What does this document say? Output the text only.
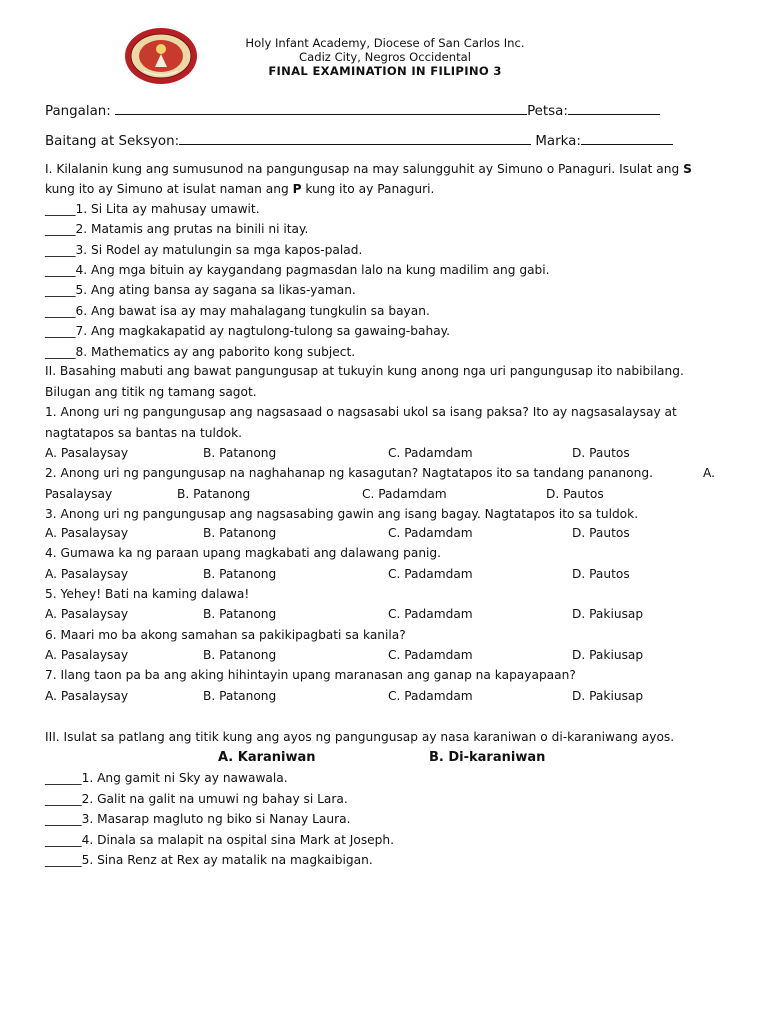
Holy Infant Academy, Diocese of San Carlos Inc.
Cadiz City, Negros Occidental
FINAL EXAMINATION IN FILIPINO 3
Pangalan:	Petsa:
Baitang at Seksyon:	Marka:
I. Kilalanin kung ang sumusunod na pangungusap na may salungguhit ay Simuno o Panaguri. Isulat ang S
kung ito ay Simuno at isulat naman ang P kung ito ay Panaguri.
_____1. Si Lita ay mahusay umawit.
_____2. Matamis ang prutas na binili ni itay.
_____3. Si Rodel ay matulungin sa mga kapos-palad.
_____4. Ang mga bituin ay kaygandang pagmasdan lalo na kung madilim ang gabi.
_____5. Ang ating bansa ay sagana sa likas-yaman.
_____6. Ang bawat isa ay may mahalagang tungkulin sa bayan.
_____7. Ang magkakapatid ay nagtulong-tulong sa gawaing-bahay.
_____8. Mathematics ay ang paborito kong subject.
II. Basahing mabuti ang bawat pangungusap at tukuyin kung anong nga uri pangungusap ito nabibilang.
Bilugan ang titik ng tamang sagot.
1. Anong uri ng pangungusap ang nagsasaad o nagsasabi ukol sa isang paksa? Ito ay nagsasalaysay at
nagtatapos sa bantas na tuldok.
A. Pasalaysay	B. Patanong	C. Padamdam	D. Pautos
2. Anong uri ng pangungusap na naghahanap ng kasagutan? Nagtatapos ito sa tandang pananong.	A.
Pasalaysay	B. Patanong	C. Padamdam	D. Pautos
3. Anong uri ng pangungusap ang nagsasabing gawin ang isang bagay. Nagtatapos ito sa tuldok.
A. Pasalaysay	B. Patanong	C. Padamdam	D. Pautos
4. Gumawa ka ng paraan upang magkabati ang dalawang panig.
A. Pasalaysay	B. Patanong	C. Padamdam	D. Pautos
5. Yehey! Bati na kaming dalawa!
A. Pasalaysay	B. Patanong	C. Padamdam	D. Pakiusap
6. Maari mo ba akong samahan sa pakikipagbati sa kanila?
A. Pasalaysay	B. Patanong	C. Padamdam	D. Pakiusap
7. Ilang taon pa ba ang aking hihintayin upang maranasan ang ganap na kapayapaan?
A. Pasalaysay	B. Patanong	C. Padamdam	D. Pakiusap
III. Isulat sa patlang ang titik kung ang ayos ng pangungusap ay nasa karaniwan o di-karaniwang ayos.
A. Karaniwan	B. Di-karaniwan
______1. Ang gamit ni Sky ay nawawala.
______2. Galit na galit na umuwi ng bahay si Lara.
______3. Masarap magluto ng biko si Nanay Laura.
______4. Dinala sa malapit na ospital sina Mark at Joseph.
______5. Sina Renz at Rex ay matalik na magkaibigan.
